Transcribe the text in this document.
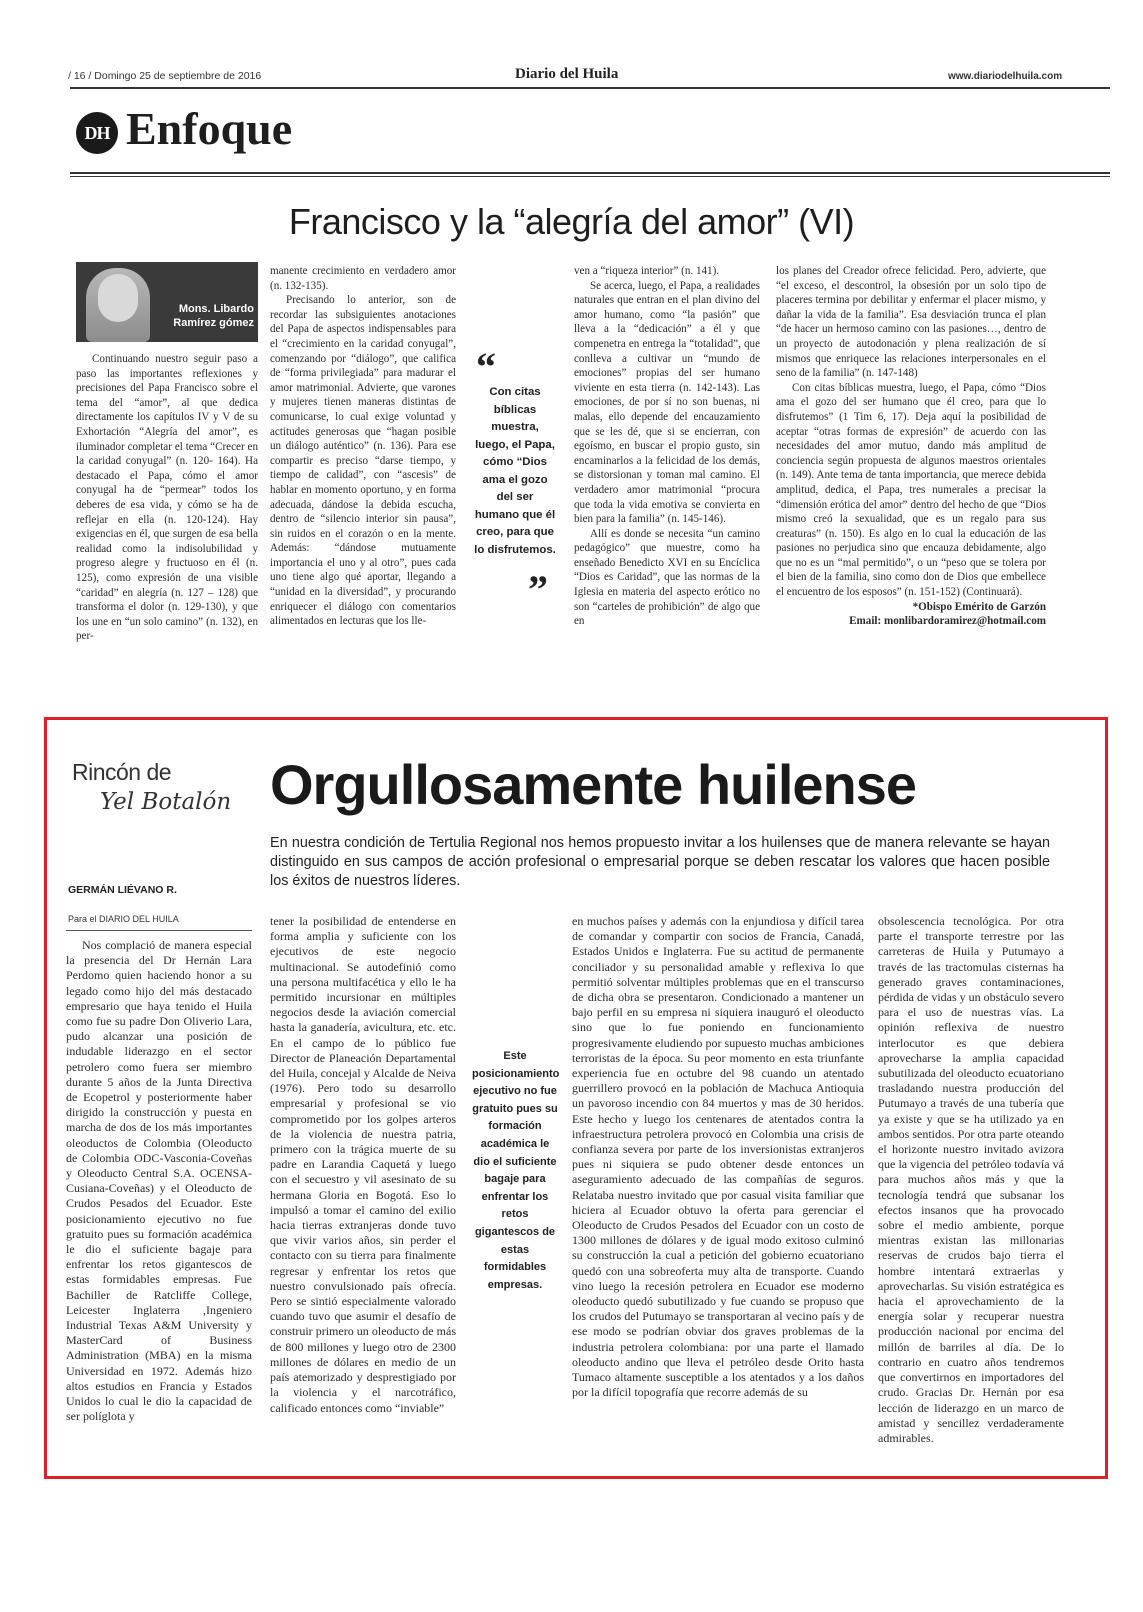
/ 16 / Domingo 25 de septiembre de 2016	Diario del Huila	www.diariodelhuila.com
DH Enfoque
Francisco y la “alegría del amor” (VI)
Mons. Libardo Ramírez gómez

Continuando nuestro seguir paso a paso las importantes reflexiones y precisiones del Papa Francisco sobre el tema del “amor”, al que dedica directamente los capítulos IV y V de su Exhortación “Alegría del amor”, es iluminador completar el tema “Crecer en la caridad conyugal” (n. 120- 164). Ha destacado el Papa, cómo el amor conyugal ha de “permear” todos los deberes de esa vida, y cómo se ha de reflejar en ella (n. 120-124). Hay exigencias en él, que surgen de esa bella realidad como la indisolubilidad y progreso alegre y fructuoso en él (n. 125), como expresión de una visible “caridad” en alegría (n. 127 – 128) que transforma el dolor (n. 129-130), y que los une en “un solo camino” (n. 132), en per-

manente crecimiento en verdadero amor (n. 132-135).

Precisando lo anterior, son de recordar las subsiguientes anotaciones del Papa de aspectos indispensables para el “crecimiento en la caridad conyugal”, comenzando por “diálogo”, que califica de “forma privilegiada” para madurar el amor matrimonial. Advierte, que varones y mujeres tienen maneras distintas de comunicarse, lo cual exige voluntad y actitudes generosas que “hagan posible un diálogo auténtico” (n. 136). Para ese compartir es preciso “darse tiempo, y tiempo de calidad”, con “ascesis” de hablar en momento oportuno, y en forma adecuada, dándose la debida escucha, dentro de “silencio interior sin pausa”, sin ruidos en el corazón o en la mente. Además: “dándose mutuamente importancia el uno y al otro”, pues cada uno tiene algo qué aportar, llegando a “unidad en la diversidad”, y procurando enriquecer el diálogo con comentarios alimentados en lecturas que los lle-

“
Con citas bíblicas muestra, luego, el Papa, cómo “Dios ama el gozo del ser humano que él creo, para que lo disfrutemos.
”

ven a “riqueza interior” (n. 141).

Se acerca, luego, el Papa, a realidades naturales que entran en el plan divino del amor humano, como “la pasión” que lleva a la “dedicación” a él y que compenetra en entrega la “totalidad”, que conlleva a cultivar un “mundo de emociones” propias del ser humano viviente en esta tierra (n. 142-143). Las emociones, de por sí no son buenas, ni malas, ello depende del encauzamiento que se les dé, que si se encierran, con egoísmo, en buscar el propio gusto, sin encaminarlos a la felicidad de los demás, se distorsionan y toman mal camino. El verdadero amor matrimonial “procura que toda la vida emotiva se convierta en bien para la familia” (n. 145-146).

Allí es donde se necesita “un camino pedagógico” que muestre, como ha enseñado Benedicto XVI en su Encíclica “Dios es Caridad”, que las normas de la Iglesia en materia del aspecto erótico no son “carteles de prohibición” de algo que en

los planes del Creador ofrece felicidad. Pero, advierte, que “el exceso, el descontrol, la obsesión por un solo tipo de placeres termina por debilitar y enfermar el placer mismo, y dañar la vida de la familia”. Esa desviación trunca el plan “de hacer un hermoso camino con las pasiones…, dentro de un proyecto de autodonación y plena realización de sí mismos que enriquece las relaciones interpersonales en el seno de la familia” (n. 147-148)

Con citas bíblicas muestra, luego, el Papa, cómo “Dios ama el gozo del ser humano que él creo, para que lo disfrutemos” (1 Tim 6, 17). Deja aquí la posibilidad de aceptar “otras formas de expresión” de acuerdo con las necesidades del amor mutuo, dando más amplitud de conciencia según propuesta de algunos maestros orientales (n. 149). Ante tema de tanta importancia, que merece debida amplitud, dedica, el Papa, tres numerales a precisar la “dimensión erótica del amor” dentro del hecho de que “Dios mismo creó la sexualidad, que es un regalo para sus creaturas” (n. 150). Es algo en lo cual la educación de las pasiones no perjudica sino que encauza debidamente, algo que no es un “mal permitido”, o un “peso que se tolera por el bien de la familia, sino como don de Dios que embellece el encuentro de los esposos” (n. 151-152) (Continuará).

*Obispo Emérito de Garzón

Email: monlibardoramirez@hotmail.com

Rincón de
Yel Botalón Orgullosamente huilense
En nuestra condición de Tertulia Regional nos hemos propuesto invitar a los huilenses que de manera relevante se hayan distinguido en sus campos de acción profesional o empresarial porque se deben rescatar los valores que hacen posible los éxitos de nuestros líderes.
GERMÁN LIÉVANO R.
Para el DIARIO DEL HUILA

Nos complació de manera especial la presencia del Dr Hernán Lara Perdomo quien haciendo honor a su legado como hijo del más destacado empresario que haya tenido el Huila como fue su padre Don Oliverio Lara, pudo alcanzar una posición de indudable liderazgo en el sector petrolero como fuera ser miembro durante 5 años de la Junta Directiva de Ecopetrol y posteriormente haber dirigido la construcción y puesta en marcha de dos de los más importantes oleoductos de Colombia (Oleoducto de Colombia ODC-Vasconia-Coveñas y Oleoducto Central S.A. OCENSA- Cusiana-Coveñas) y el Oleoducto de Crudos Pesados del Ecuador. Este posicionamiento ejecutivo no fue gratuito pues su formación académica le dio el suficiente bagaje para enfrentar los retos gigantescos de estas formidables empresas. Fue Bachiller de Ratcliffe College, Leicester Inglaterra ,Ingeniero Industrial Texas A&M University y MasterCard of Business Administration (MBA) en la misma Universidad en 1972. Además hizo altos estudios en Francia y Estados Unidos lo cual le dio la capacidad de ser políglota y

tener la posibilidad de entenderse en forma amplia y suficiente con los ejecutivos de este negocio multinacional. Se autodefinió como una persona multifacética y ello le ha permitido incursionar en múltiples negocios desde la aviación comercial hasta la ganadería, avicultura, etc. etc. En el campo de lo público fue Director de Planeación Departamental del Huila, concejal y Alcalde de Neiva (1976). Pero todo su desarrollo empresarial y profesional se vio comprometido por los golpes arteros de la violencia de nuestra patria, primero con la trágica muerte de su padre en Larandia Caquetá y luego con el secuestro y vil asesinato de su hermana Gloria en Bogotá. Eso lo impulsó a tomar el camino del exilio hacia tierras extranjeras donde tuvo que vivir varios años, sin perder el contacto con su tierra para finalmente regresar y enfrentar los retos que nuestro convulsionado país ofrecía. Pero se sintió especialmente valorado cuando tuvo que asumir el desafío de construir primero un oleoducto de más de 800 millones y luego otro de 2300 millones de dólares en medio de un país atemorizado y desprestigiado por la violencia y el narcotráfico, calificado entonces como “inviable”

Este posicionamiento ejecutivo no fue gratuito pues su formación académica le dio el suficiente bagaje para enfrentar los retos gigantescos de estas formidables empresas.

en muchos países y además con la enjundiosa y difícil tarea de comandar y compartir con socios de Francia, Canadá, Estados Unidos e Inglaterra. Fue su actitud de permanente conciliador y su personalidad amable y reflexiva lo que permitió solventar múltiples problemas que en el transcurso de dicha obra se presentaron. Condicionado a mantener un bajo perfil en su empresa ni siquiera inauguró el oleoducto sino que lo fue poniendo en funcionamiento progresivamente eludiendo por supuesto muchas ambiciones terroristas de la época. Su peor momento en esta triunfante experiencia fue en octubre del 98 cuando un atentado guerrillero provocó en la población de Machuca Antioquia un pavoroso incendio con 84 muertos y mas de 30 heridos. Este hecho y luego los centenares de atentados contra la infraestructura petrolera provocó en Colombia una crisis de confianza severa por parte de los inversionistas extranjeros pues ni siquiera se pudo obtener desde entonces un aseguramiento adecuado de las compañías de seguros. Relataba nuestro invitado que por casual visita familiar que hiciera al Ecuador obtuvo la oferta para gerenciar el Oleoducto de Crudos Pesados del Ecuador con un costo de 1300 millones de dólares y de igual modo exitoso culminó su construcción la cual a petición del gobierno ecuatoriano quedó con una sobreoferta muy alta de transporte. Cuando vino luego la recesión petrolera en Ecuador ese moderno oleoducto quedó subutilizado y fue cuando se propuso que los crudos del Putumayo se transportaran al vecino país y de ese modo se podrían obviar dos graves problemas de la industria petrolera colombiana: por una parte el llamado oleoducto andino que lleva el petróleo desde Orito hasta Tumaco altamente susceptible a los atentados y a los daños por la difícil topografía que recorre además de su

obsolescencia tecnológica. Por otra parte el transporte terrestre por las carreteras de Huila y Putumayo a través de las tractomulas cisternas ha generado graves contaminaciones, pérdida de vidas y un obstáculo severo para el uso de nuestras vías. La opinión reflexiva de nuestro interlocutor es que debiera aprovecharse la amplia capacidad subutilizada del oleoducto ecuatoriano trasladando nuestra producción del Putumayo a través de una tubería que ya existe y que se ha utilizado ya en ambos sentidos. Por otra parte oteando el horizonte nuestro invitado avizora que la vigencia del petróleo todavía vá para muchos años más y que la tecnología tendrá que subsanar los efectos insanos que ha provocado sobre el medio ambiente, porque mientras existan las millonarias reservas de crudos bajo tierra el hombre intentará extraerlas y aprovecharlas. Su visión estratégica es hacia el aprovechamiento de la energía solar y recuperar nuestra producción nacional por encima del millón de barriles al día. De lo contrario en cuatro años tendremos que convertirnos en importadores del crudo. Gracias Dr. Hernán por esa lección de liderazgo en un marco de amistad y sencillez verdaderamente admirables.
